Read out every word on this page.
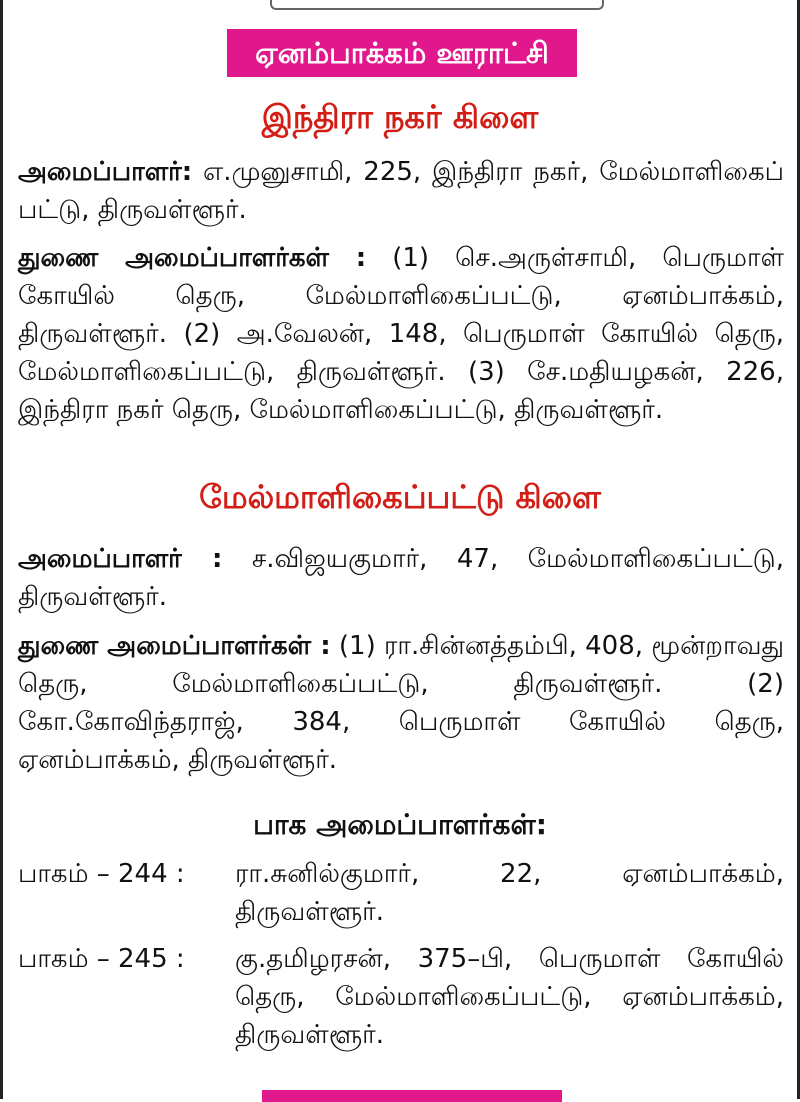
ஏனம்பாக்கம் ஊராட்சி
இந்திரா நகர் கிளை
அமைப்பாளர்: எ.முனுசாமி, 225, இந்திரா நகர், மேல்மாளிகைப் பட்டு, திருவள்ளூர்.
துணை அமைப்பாளர்கள் : (1) செ.அருள்சாமி, பெருமாள் கோயில் தெரு, மேல்மாளிகைப்பட்டு, ஏனம்பாக்கம், திருவள்ளூர். (2) அ.வேலன், 148, பெருமாள் கோயில் தெரு, மேல்மாளிகைப்பட்டு, திருவள்ளூர். (3) சே.மதியழகன், 226, இந்திரா நகர் தெரு, மேல்மாளிகைப்பட்டு, திருவள்ளூர்.
மேல்மாளிகைப்பட்டு கிளை
அமைப்பாளர் : ச.விஜயகுமார், 47, மேல்மாளிகைப்பட்டு, திருவள்ளூர்.
துணை அமைப்பாளர்கள் : (1) ரா.சின்னத்தம்பி, 408, மூன்றாவது தெரு, மேல்மாளிகைப்பட்டு, திருவள்ளூர். (2) கோ.கோவிந்தராஜ், 384, பெருமாள் கோயில் தெரு, ஏனம்பாக்கம், திருவள்ளூர்.
பாக அமைப்பாளர்கள்:
பாகம் – 244 :	ரா.சுனில்குமார், 22, ஏனம்பாக்கம், திருவள்ளூர்.
பாகம் – 245 :	கு.தமிழரசன், 375–பி, பெருமாள் கோயில் தெரு, மேல்மாளிகைப்பட்டு, ஏனம்பாக்கம், திருவள்ளூர்.
